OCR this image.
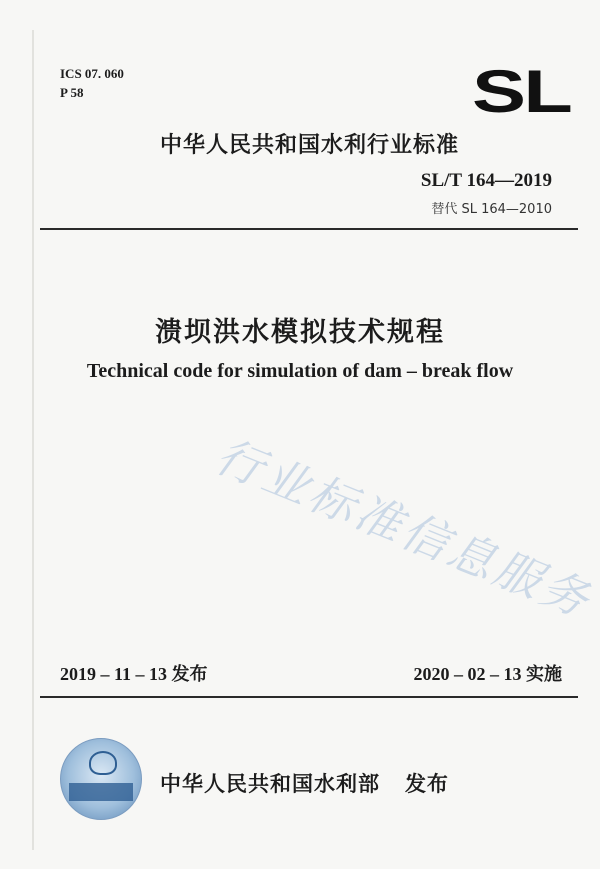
ICS 07. 060
P 58	SL
中华人民共和国水利行业标准
SL/T 164—2019
替代 SL 164—2010
溃坝洪水模拟技术规程
Technical code for simulation of dam – break flow
行业标准信息服务
2019 – 11 – 13 发布	2020 – 02 – 13 实施
中华人民共和国水利部 发布
